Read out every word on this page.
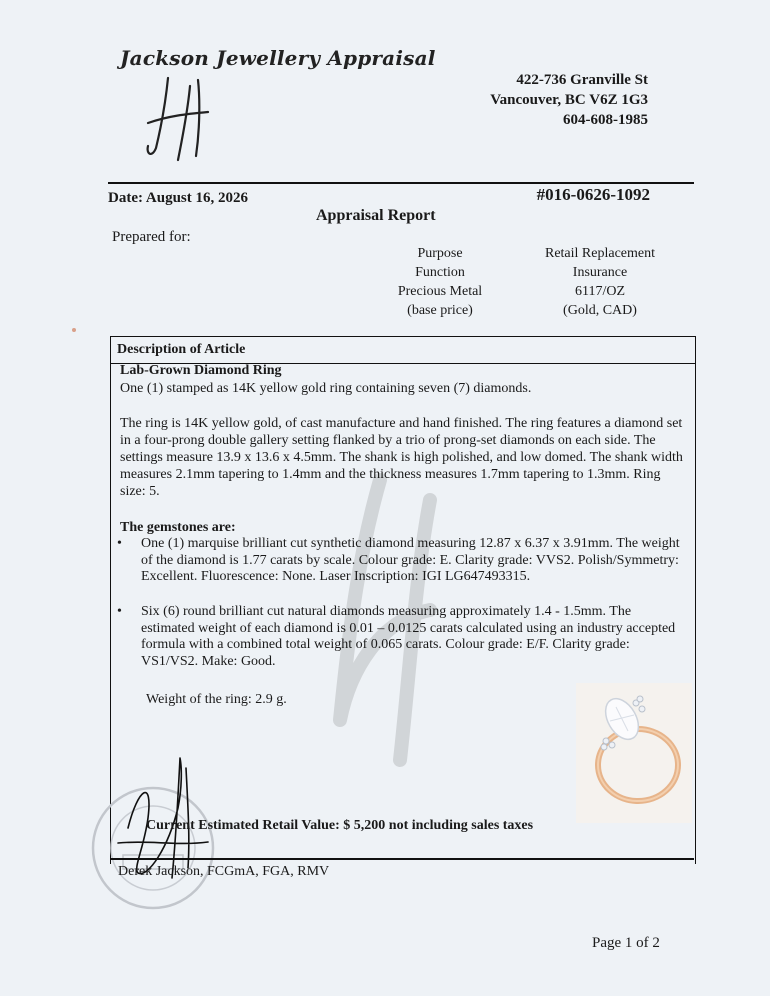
Jackson Jewellery Appraisal
422-736 Granville St
Vancouver, BC V6Z 1G3
604-608-1985
Date: August 16, 2026	#016-0626-1092
Appraisal Report
Prepared for:
Purpose
Function
Precious Metal
(base price)
Retail Replacement
Insurance
6117/OZ
(Gold, CAD)
Description of Article
Lab-Grown Diamond Ring
One (1) stamped as 14K yellow gold ring containing seven (7) diamonds.
The ring is 14K yellow gold, of cast manufacture and hand finished. The ring features a diamond set in a four-prong double gallery setting flanked by a trio of prong-set diamonds on each side. The settings measure 13.9 x 13.6 x 4.5mm. The shank is high polished, and low domed. The shank width measures 2.1mm tapering to 1.4mm and the thickness measures 1.7mm tapering to 1.3mm. Ring size: 5.
The gemstones are:
• One (1) marquise brilliant cut synthetic diamond measuring 12.87 x 6.37 x 3.91mm. The weight of the diamond is 1.77 carats by scale. Colour grade: E. Clarity grade: VVS2. Polish/Symmetry: Excellent. Fluorescence: None. Laser Inscription: IGI LG647493315.
• Six (6) round brilliant cut natural diamonds measuring approximately 1.4 - 1.5mm. The estimated weight of each diamond is 0.01 – 0.0125 carats calculated using an industry accepted formula with a combined total weight of 0.065 carats. Colour grade: E/F. Clarity grade: VS1/VS2. Make: Good.
Weight of the ring: 2.9 g.
Current Estimated Retail Value: $ 5,200 not including sales taxes
Derek Jackson, FCGmA, FGA, RMV
Page 1 of 2
